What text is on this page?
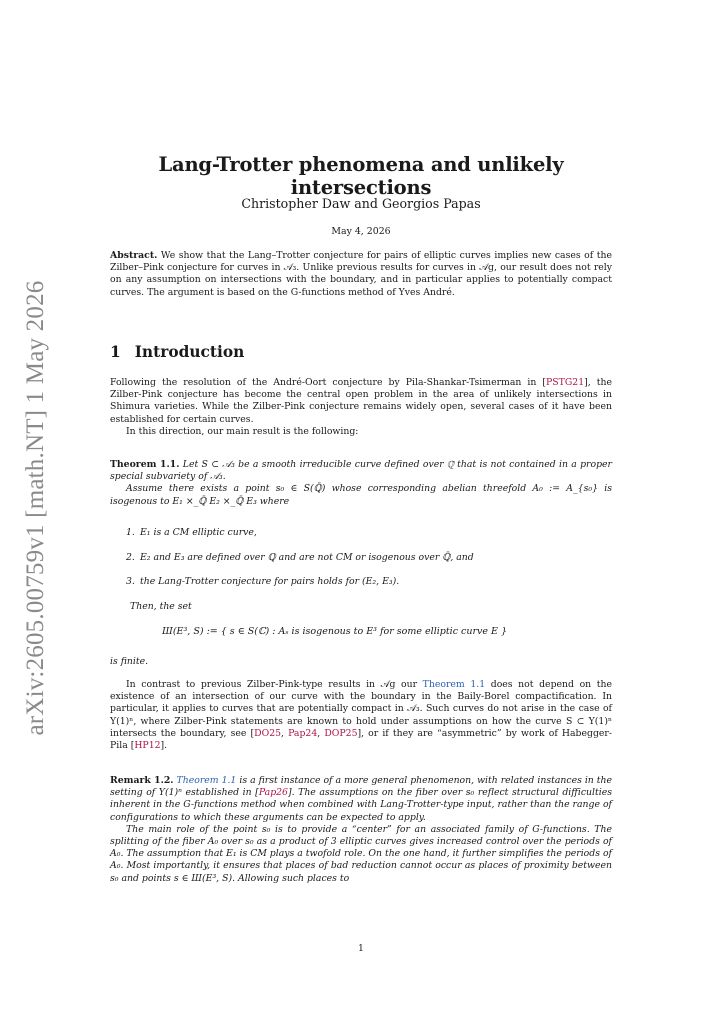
arXiv:2605.00759v1 [math.NT] 1 May 2026
Lang-Trotter phenomena and unlikely intersections
Christopher Daw and Georgios Papas
May 4, 2026
Abstract. We show that the Lang–Trotter conjecture for pairs of elliptic curves implies new cases of the Zilber–Pink conjecture for curves in 𝒜₃. Unlike previous results for curves in 𝒜g, our result does not rely on any assumption on intersections with the boundary, and in particular applies to potentially compact curves. The argument is based on the G-functions method of Yves André.
1 Introduction

Following the resolution of the André-Oort conjecture by Pila-Shankar-Tsimerman in [PSTG21], the Zilber-Pink conjecture has become the central open problem in the area of unlikely intersections in Shimura varieties. While the Zilber-Pink conjecture remains widely open, several cases of it have been established for certain curves.

In this direction, our main result is the following:

Theorem 1.1. Let S ⊂ 𝒜₃ be a smooth irreducible curve defined over ℚ̄ that is not contained in a proper special subvariety of 𝒜₃.

Assume there exists a point s₀ ∈ S(ℚ̄) whose corresponding abelian threefold A₀ := A_{s₀} is isogenous to E₁ ×_ℚ̄ E₂ ×_ℚ̄ E₃ where

1. E₁ is a CM elliptic curve,
2. E₂ and E₃ are defined over ℚ and are not CM or isogenous over ℚ̄, and
3. the Lang-Trotter conjecture for pairs holds for (E₂, E₃).
Then, the set
Ш(E³, S) := { s ∈ S(ℂ) : Aₛ is isogenous to E³ for some elliptic curve E }
is finite.
In contrast to previous Zilber-Pink-type results in 𝒜g our Theorem 1.1 does not depend on the existence of an intersection of our curve with the boundary in the Baily-Borel compactification. In particular, it applies to curves that are potentially compact in 𝒜₃. Such curves do not arise in the case of Y(1)ⁿ, where Zilber-Pink statements are known to hold under assumptions on how the curve S ⊂ Y(1)ⁿ intersects the boundary, see [DO25, Pap24, DOP25], or if they are “asymmetric” by work of Habegger-Pila [HP12].

Remark 1.2. Theorem 1.1 is a first instance of a more general phenomenon, with related instances in the setting of Y(1)ⁿ established in [Pap26]. The assumptions on the fiber over s₀ reflect structural difficulties inherent in the G-functions method when combined with Lang-Trotter-type input, rather than the range of configurations to which these arguments can be expected to apply.

The main role of the point s₀ is to provide a “center” for an associated family of G-functions. The splitting of the fiber A₀ over s₀ as a product of 3 elliptic curves gives increased control over the periods of A₀. The assumption that E₁ is CM plays a twofold role. On the one hand, it further simplifies the periods of A₀. Most importantly, it ensures that places of bad reduction cannot occur as places of proximity between s₀ and points s ∈ Ш(E³, S). Allowing such places to

1
